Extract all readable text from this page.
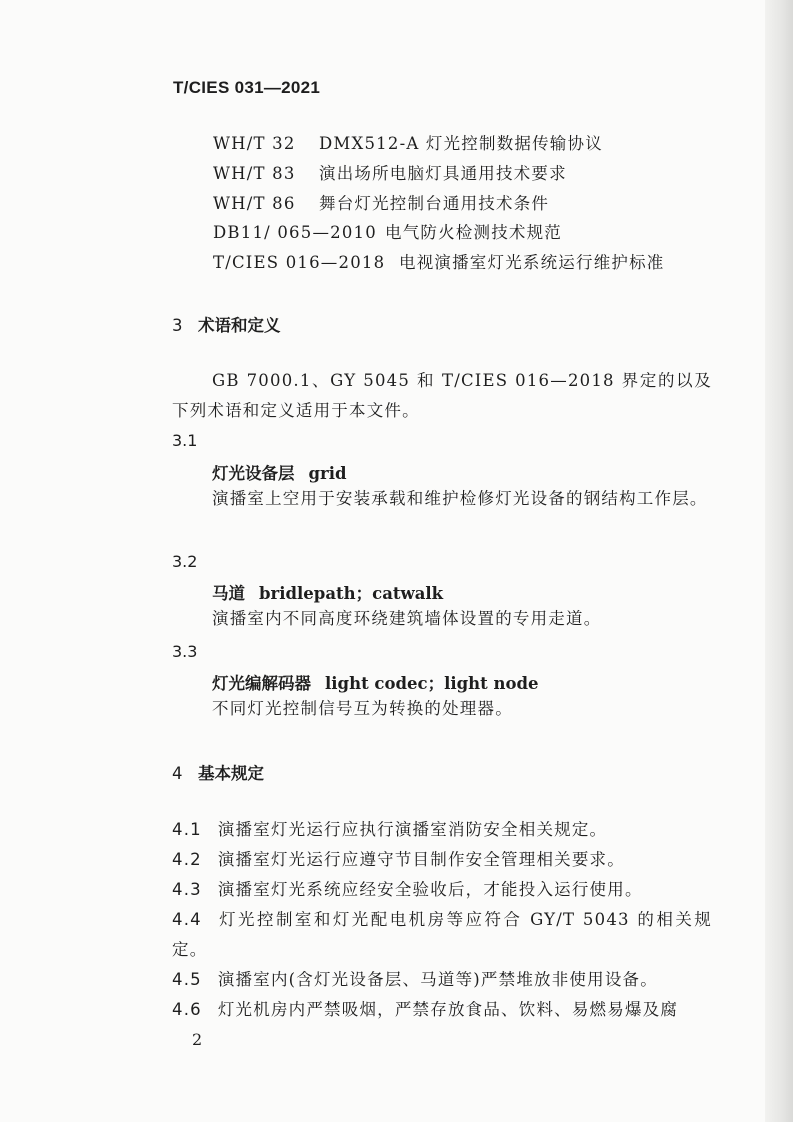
T/CIES 031—2021
WH/T 32 DMX512-A 灯光控制数据传输协议
WH/T 83 演出场所电脑灯具通用技术要求
WH/T 86 舞台灯光控制台通用技术条件
DB11/ 065—2010 电气防火检测技术规范
T/CIES 016—2018 电视演播室灯光系统运行维护标准
3 术语和定义
GB 7000.1、GY 5045 和 T/CIES 016—2018 界定的以及下列术语和定义适用于本文件。
3.1
灯光设备层 grid
演播室上空用于安装承载和维护检修灯光设备的钢结构工作层。
3.2
马道 bridlepath；catwalk
演播室内不同高度环绕建筑墙体设置的专用走道。
3.3
灯光编解码器 light codec；light node
不同灯光控制信号互为转换的处理器。
4 基本规定
4.1 演播室灯光运行应执行演播室消防安全相关规定。
4.2 演播室灯光运行应遵守节目制作安全管理相关要求。
4.3 演播室灯光系统应经安全验收后，才能投入运行使用。
4.4 灯光控制室和灯光配电机房等应符合 GY/T 5043 的相关规定。
4.5 演播室内(含灯光设备层、马道等)严禁堆放非使用设备。
4.6 灯光机房内严禁吸烟，严禁存放食品、饮料、易燃易爆及腐
2
